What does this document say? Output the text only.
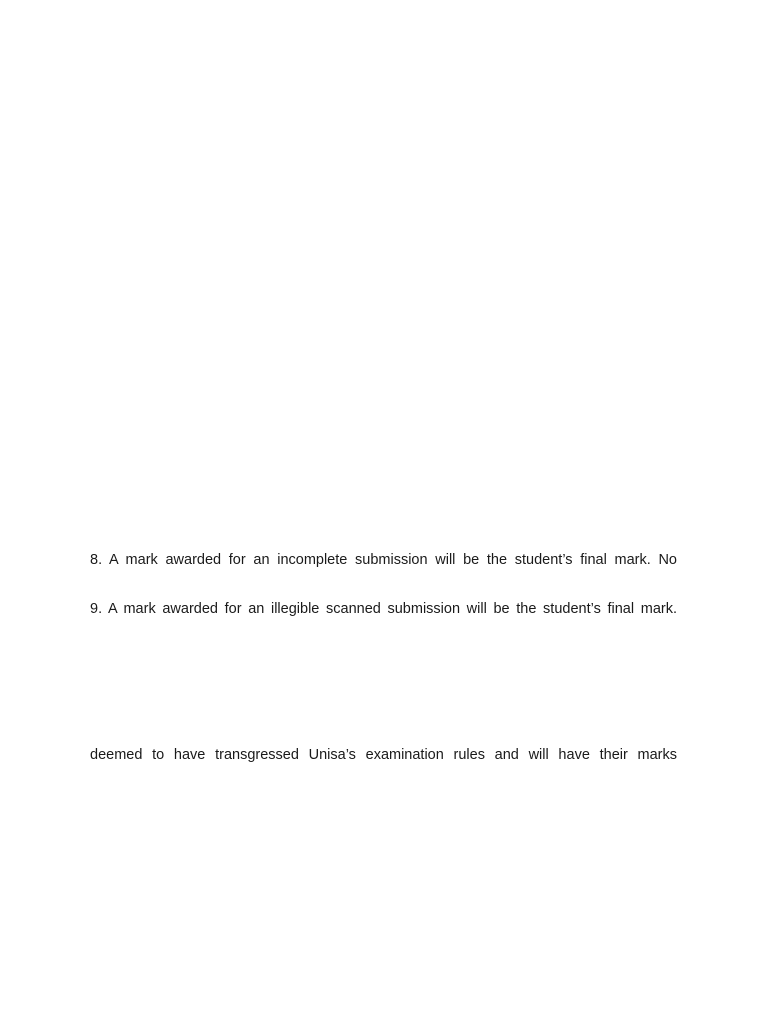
8. A mark awarded for an incomplete submission will be the student’s final mark. No
9. A mark awarded for an illegible scanned submission will be the student’s final mark.
deemed to have transgressed Unisa’s examination rules and will have their marks
